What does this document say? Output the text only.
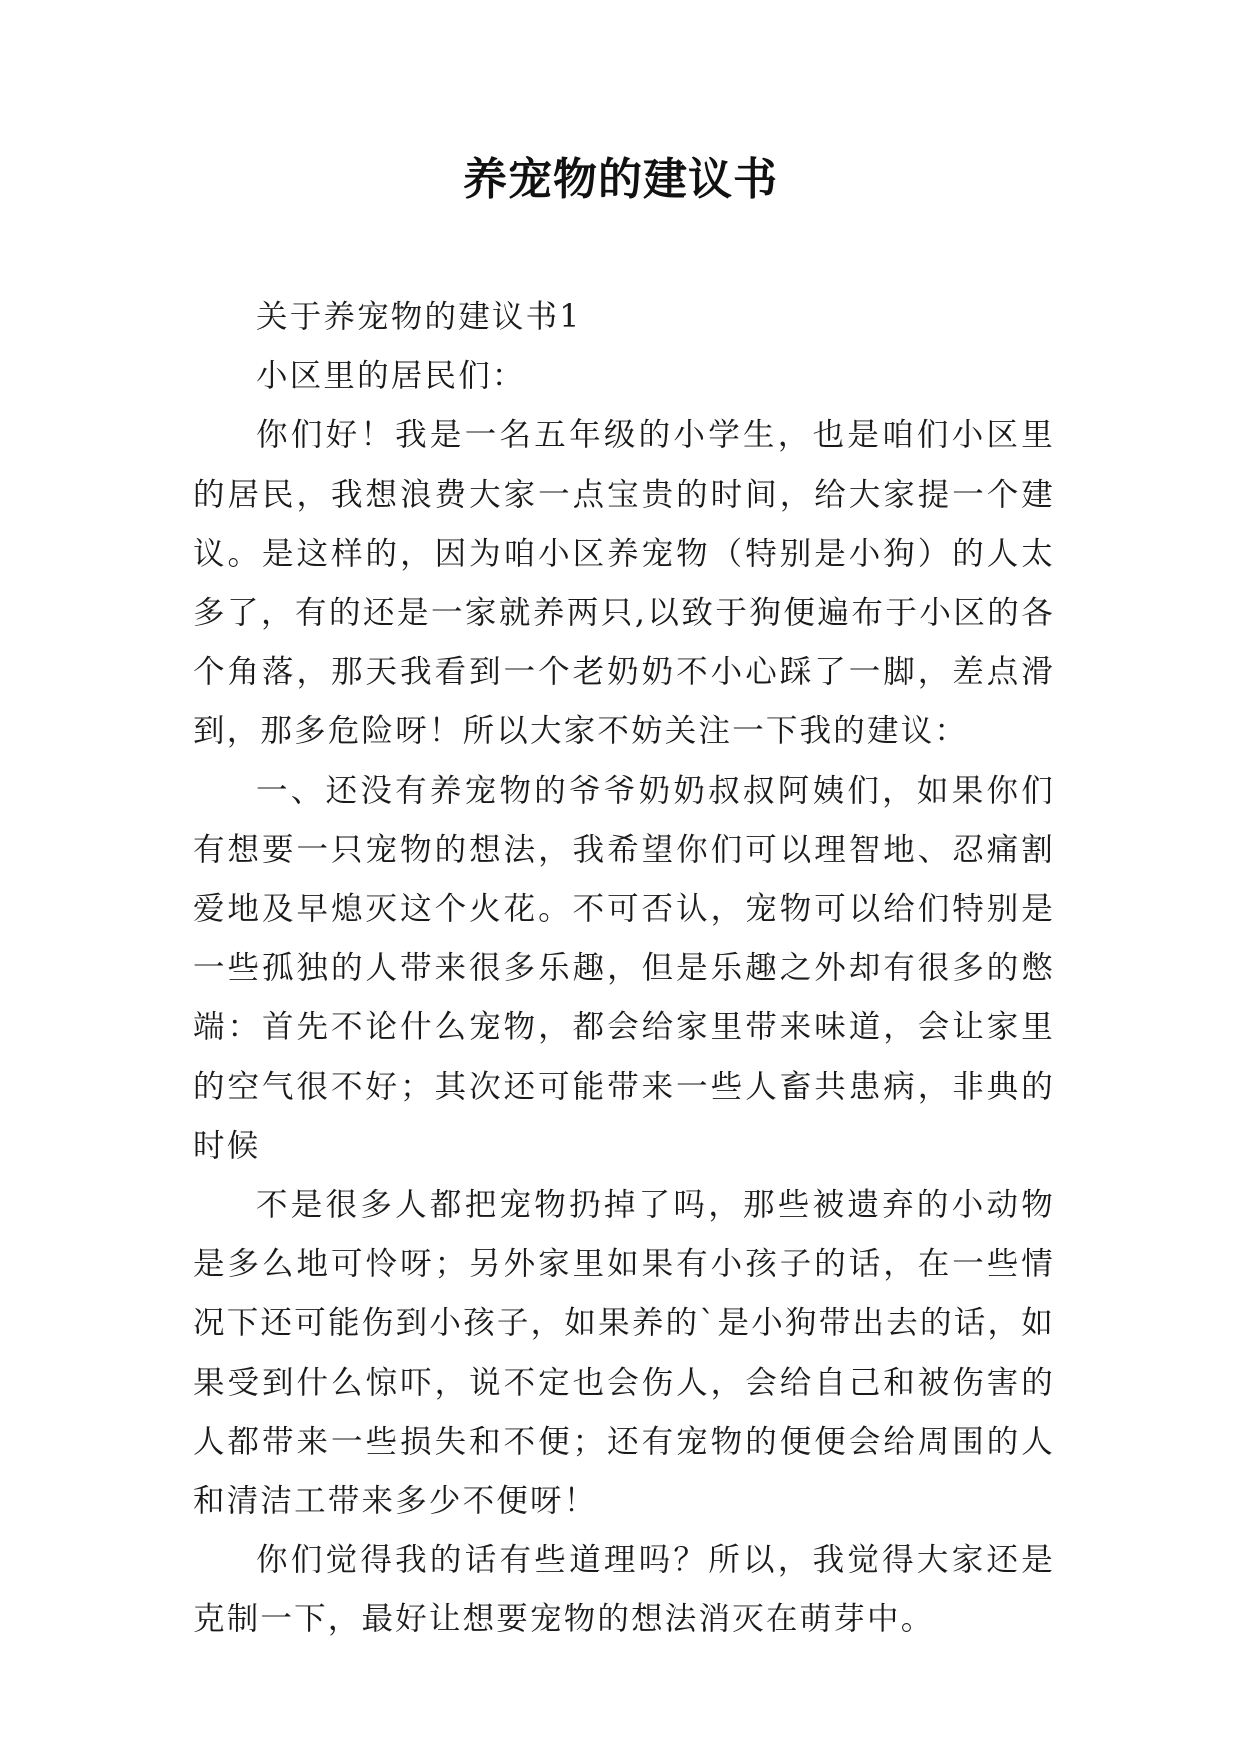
养宠物的建议书

关于养宠物的建议书1

小区里的居民们：

你们好！我是一名五年级的小学生，也是咱们小区里的居民，我想浪费大家一点宝贵的时间，给大家提一个建议。是这样的，因为咱小区养宠物（特别是小狗）的人太多了，有的还是一家就养两只,以致于狗便遍布于小区的各个角落，那天我看到一个老奶奶不小心踩了一脚，差点滑到，那多危险呀！所以大家不妨关注一下我的建议：

一、还没有养宠物的爷爷奶奶叔叔阿姨们，如果你们有想要一只宠物的想法，我希望你们可以理智地、忍痛割爱地及早熄灭这个火花。不可否认，宠物可以给们特别是一些孤独的人带来很多乐趣，但是乐趣之外却有很多的憋端：首先不论什么宠物，都会给家里带来味道，会让家里的空气很不好；其次还可能带来一些人畜共患病，非典的时候

不是很多人都把宠物扔掉了吗，那些被遗弃的小动物是多么地可怜呀；另外家里如果有小孩子的话，在一些情况下还可能伤到小孩子，如果养的`是小狗带出去的话，如果受到什么惊吓，说不定也会伤人，会给自己和被伤害的人都带来一些损失和不便；还有宠物的便便会给周围的人和清洁工带来多少不便呀！

你们觉得我的话有些道理吗？所以，我觉得大家还是克制一下，最好让想要宠物的想法消灭在萌芽中。
